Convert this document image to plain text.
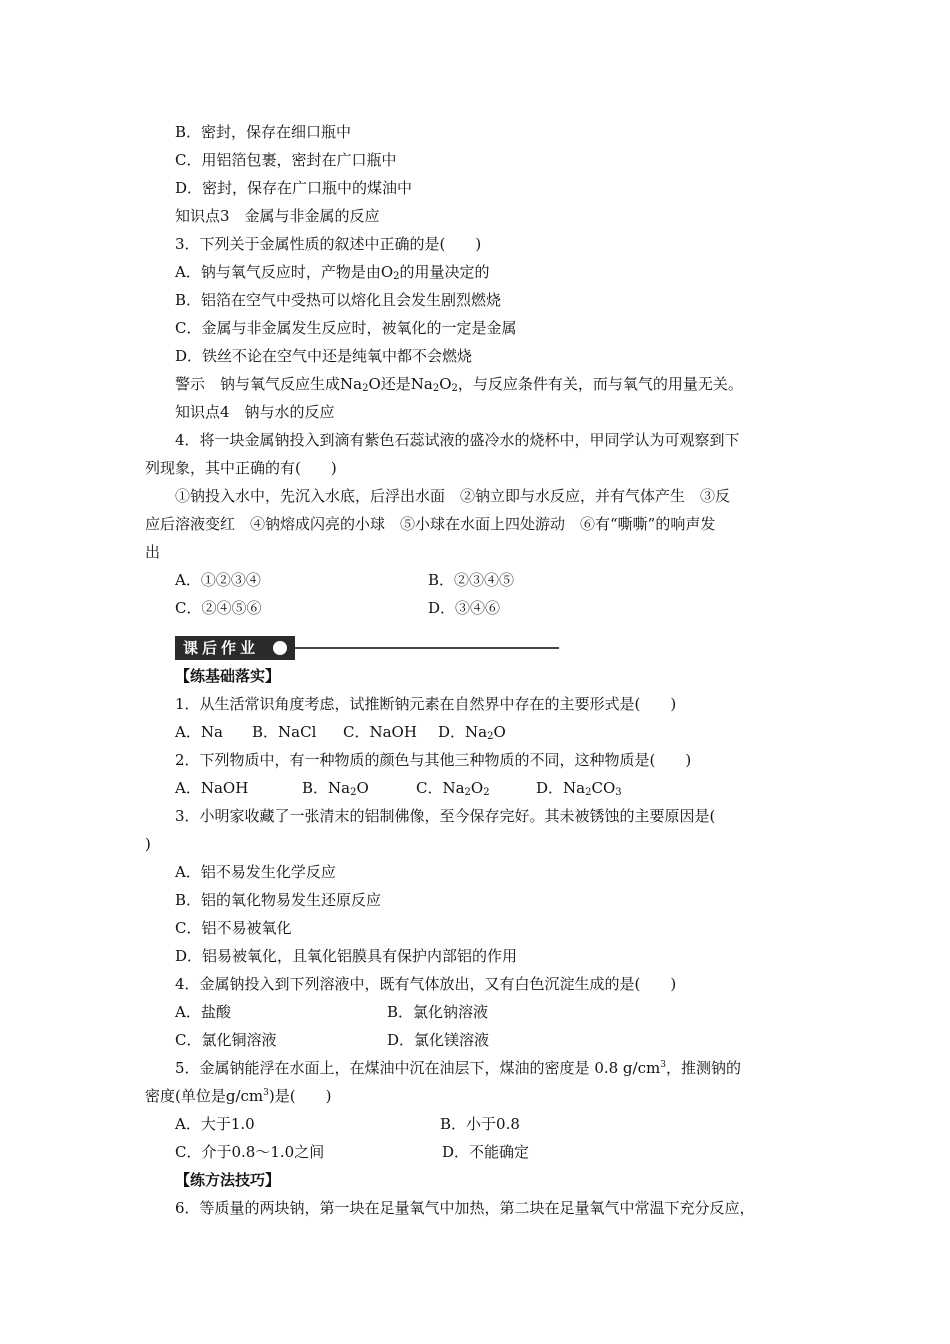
B．密封，保存在细口瓶中
C．用铝箔包裹，密封在广口瓶中
D．密封，保存在广口瓶中的煤油中
知识点3　金属与非金属的反应
3．下列关于金属性质的叙述中正确的是(　　)
A．钠与氧气反应时，产物是由$O_2$的用量决定的
B．铝箔在空气中受热可以熔化且会发生剧烈燃烧
C．金属与非金属发生反应时，被氧化的一定是金属
D．铁丝不论在空气中还是纯氧中都不会燃烧
警示　钠与氧气反应生成$Na_2O$还是$Na_2O_2$，与反应条件有关，而与氧气的用量无关。
知识点4　钠与水的反应
4．将一块金属钠投入到滴有紫色石蕊试液的盛冷水的烧杯中，甲同学认为可观察到下
列现象，其中正确的有(　　)
①钠投入水中，先沉入水底，后浮出水面　②钠立即与水反应，并有气体产生　③反
应后溶液变红　④钠熔成闪亮的小球　⑤小球在水面上四处游动　⑥有“嘶嘶”的响声发
出
A．①②③④	B．②③④⑤
C．②④⑤⑥	D．③④⑥
课后作业
【练基础落实】
1．从生活常识角度考虑，试推断钠元素在自然界中存在的主要形式是(　　)
A．Na B．NaCl C．NaOH D．$Na_2O$
2．下列物质中，有一种物质的颜色与其他三种物质的不同，这种物质是(　　)
A．NaOH	B．$Na_2O$	C．$Na_2O_2$	D．$Na_2CO_3$
3．小明家收藏了一张清末的铝制佛像，至今保存完好。其未被锈蚀的主要原因是(
)
A．铝不易发生化学反应
B．铝的氧化物易发生还原反应
C．铝不易被氧化
D．铝易被氧化，且氧化铝膜具有保护内部铝的作用
4．金属钠投入到下列溶液中，既有气体放出，又有白色沉淀生成的是(　　)
A．盐酸	B．氯化钠溶液
C．氯化铜溶液	D．氯化镁溶液
5．金属钠能浮在水面上，在煤油中沉在油层下，煤油的密度是 0.8 $g/cm^3$，推测钠的
密度(单位是$g/cm^3$)是(　　)
A．大于1.0	B．小于0.8
C．介于0.8～1.0之间	D．不能确定
【练方法技巧】
6．等质量的两块钠，第一块在足量氧气中加热，第二块在足量氧气中常温下充分反应，
